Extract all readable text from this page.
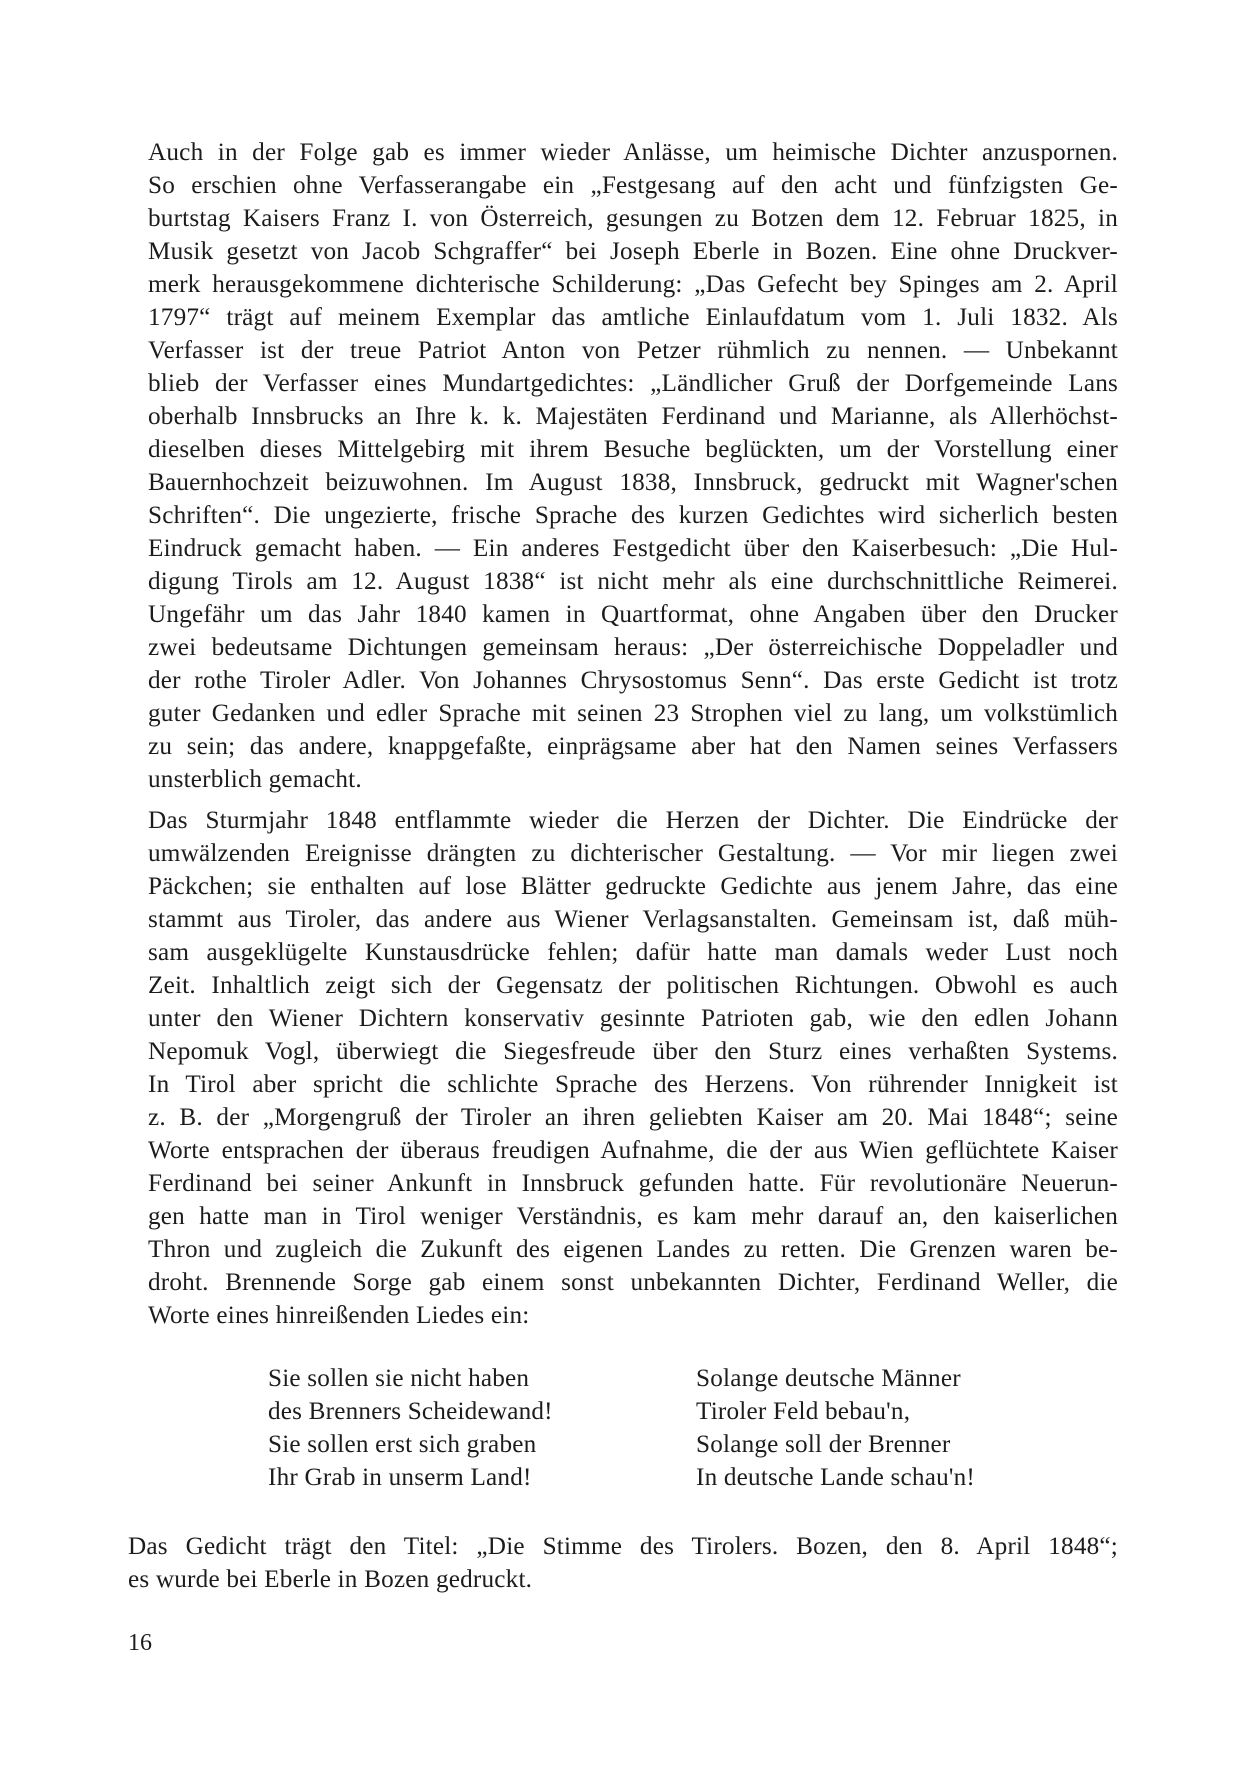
Auch in der Folge gab es immer wieder Anlässe, um heimische Dichter anzuspornen.
So erschien ohne Verfasserangabe ein „Festgesang auf den acht und fünfzigsten Ge-
burtstag Kaisers Franz I. von Österreich, gesungen zu Botzen dem 12. Februar 1825, in
Musik gesetzt von Jacob Schgraffer“ bei Joseph Eberle in Bozen. Eine ohne Druckver-
merk herausgekommene dichterische Schilderung: „Das Gefecht bey Spinges am 2. April
1797“ trägt auf meinem Exemplar das amtliche Einlaufdatum vom 1. Juli 1832. Als
Verfasser ist der treue Patriot Anton von Petzer rühmlich zu nennen. — Unbekannt
blieb der Verfasser eines Mundartgedichtes: „Ländlicher Gruß der Dorfgemeinde Lans
oberhalb Innsbrucks an Ihre k. k. Majestäten Ferdinand und Marianne, als Allerhöchst-
dieselben dieses Mittelgebirg mit ihrem Besuche beglückten, um der Vorstellung einer
Bauernhochzeit beizuwohnen. Im August 1838, Innsbruck, gedruckt mit Wagner'schen
Schriften“. Die ungezierte, frische Sprache des kurzen Gedichtes wird sicherlich besten
Eindruck gemacht haben. — Ein anderes Festgedicht über den Kaiserbesuch: „Die Hul-
digung Tirols am 12. August 1838“ ist nicht mehr als eine durchschnittliche Reimerei.
Ungefähr um das Jahr 1840 kamen in Quartformat, ohne Angaben über den Drucker
zwei bedeutsame Dichtungen gemeinsam heraus: „Der österreichische Doppeladler und
der rothe Tiroler Adler. Von Johannes Chrysostomus Senn“. Das erste Gedicht ist trotz
guter Gedanken und edler Sprache mit seinen 23 Strophen viel zu lang, um volkstümlich
zu sein; das andere, knappgefaßte, einprägsame aber hat den Namen seines Verfassers
unsterblich gemacht.
Das Sturmjahr 1848 entflammte wieder die Herzen der Dichter. Die Eindrücke der
umwälzenden Ereignisse drängten zu dichterischer Gestaltung. — Vor mir liegen zwei
Päckchen; sie enthalten auf lose Blätter gedruckte Gedichte aus jenem Jahre, das eine
stammt aus Tiroler, das andere aus Wiener Verlagsanstalten. Gemeinsam ist, daß müh-
sam ausgeklügelte Kunstausdrücke fehlen; dafür hatte man damals weder Lust noch
Zeit. Inhaltlich zeigt sich der Gegensatz der politischen Richtungen. Obwohl es auch
unter den Wiener Dichtern konservativ gesinnte Patrioten gab, wie den edlen Johann
Nepomuk Vogl, überwiegt die Siegesfreude über den Sturz eines verhaßten Systems.
In Tirol aber spricht die schlichte Sprache des Herzens. Von rührender Innigkeit ist
z. B. der „Morgengruß der Tiroler an ihren geliebten Kaiser am 20. Mai 1848“; seine
Worte entsprachen der überaus freudigen Aufnahme, die der aus Wien geflüchtete Kaiser
Ferdinand bei seiner Ankunft in Innsbruck gefunden hatte. Für revolutionäre Neuerun-
gen hatte man in Tirol weniger Verständnis, es kam mehr darauf an, den kaiserlichen
Thron und zugleich die Zukunft des eigenen Landes zu retten. Die Grenzen waren be-
droht. Brennende Sorge gab einem sonst unbekannten Dichter, Ferdinand Weller, die
Worte eines hinreißenden Liedes ein:
Sie sollen sie nicht haben
des Brenners Scheidewand!
Sie sollen erst sich graben
Ihr Grab in unserm Land!
Solange deutsche Männer
Tiroler Feld bebau'n,
Solange soll der Brenner
In deutsche Lande schau'n!
Das Gedicht trägt den Titel: „Die Stimme des Tirolers. Bozen, den 8. April 1848“;
es wurde bei Eberle in Bozen gedruckt.
16
